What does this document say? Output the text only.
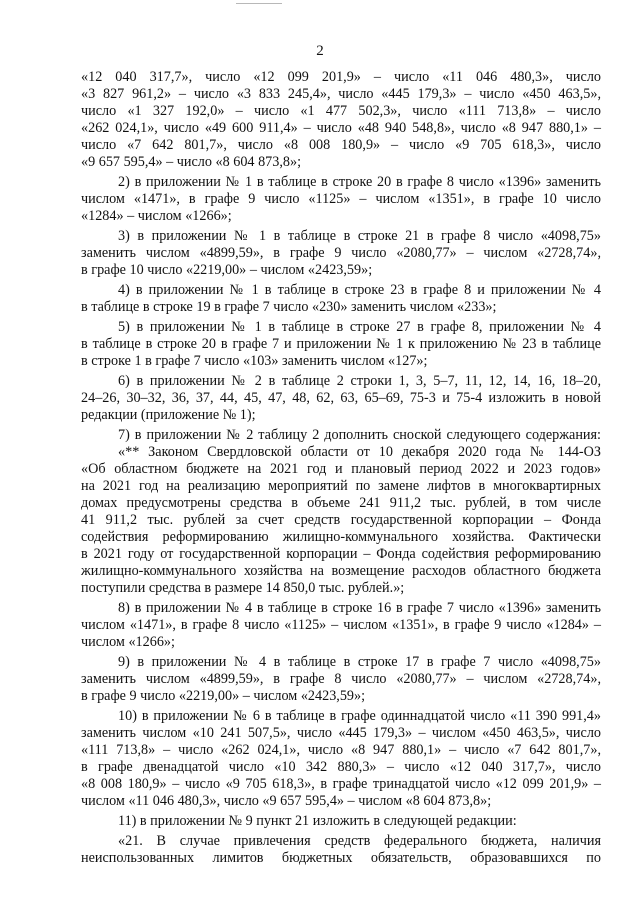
2
«12 040 317,7», число «12 099 201,9» – число «11 046 480,3», число
«3 827 961,2» – число «3 833 245,4», число «445 179,3» – число «450 463,5»,
число «1 327 192,0» – число «1 477 502,3», число «111 713,8» – число
«262 024,1», число «49 600 911,4» – число «48 940 548,8», число «8 947 880,1» –
число «7 642 801,7», число «8 008 180,9» – число «9 705 618,3», число
«9 657 595,4» – число «8 604 873,8»;
2) в приложении № 1 в таблице в строке 20 в графе 8 число «1396» заменить
числом «1471», в графе 9 число «1125» – числом «1351», в графе 10 число
«1284» – числом «1266»;
3) в приложении № 1 в таблице в строке 21 в графе 8 число «4098,75»
заменить числом «4899,59», в графе 9 число «2080,77» – числом «2728,74»,
в графе 10 число «2219,00» – числом «2423,59»;
4) в приложении № 1 в таблице в строке 23 в графе 8 и приложении № 4
в таблице в строке 19 в графе 7 число «230» заменить числом «233»;
5) в приложении № 1 в таблице в строке 27 в графе 8, приложении № 4
в таблице в строке 20 в графе 7 и приложении № 1 к приложению № 23 в таблице
в строке 1 в графе 7 число «103» заменить числом «127»;
6) в приложении № 2 в таблице 2 строки 1, 3, 5–7, 11, 12, 14, 16, 18–20,
24–26, 30–32, 36, 37, 44, 45, 47, 48, 62, 63, 65–69, 75-3 и 75-4 изложить в новой
редакции (приложение № 1);
7) в приложении № 2 таблицу 2 дополнить сноской следующего содержания:
«** Законом Свердловской области от 10 декабря 2020 года № 144-ОЗ
«Об областном бюджете на 2021 год и плановый период 2022 и 2023 годов»
на 2021 год на реализацию мероприятий по замене лифтов в многоквартирных
домах предусмотрены средства в объеме 241 911,2 тыс. рублей, в том числе
41 911,2 тыс. рублей за счет средств государственной корпорации – Фонда
содействия реформированию жилищно-коммунального хозяйства. Фактически
в 2021 году от государственной корпорации – Фонда содействия реформированию
жилищно-коммунального хозяйства на возмещение расходов областного бюджета
поступили средства в размере 14 850,0 тыс. рублей.»;
8) в приложении № 4 в таблице в строке 16 в графе 7 число «1396» заменить
числом «1471», в графе 8 число «1125» – числом «1351», в графе 9 число «1284» –
числом «1266»;
9) в приложении № 4 в таблице в строке 17 в графе 7 число «4098,75»
заменить числом «4899,59», в графе 8 число «2080,77» – числом «2728,74»,
в графе 9 число «2219,00» – числом «2423,59»;
10) в приложении № 6 в таблице в графе одиннадцатой число «11 390 991,4»
заменить числом «10 241 507,5», число «445 179,3» – числом «450 463,5», число
«111 713,8» – число «262 024,1», число «8 947 880,1» – число «7 642 801,7»,
в графе двенадцатой число «10 342 880,3» – число «12 040 317,7», число
«8 008 180,9» – число «9 705 618,3», в графе тринадцатой число «12 099 201,9» –
числом «11 046 480,3», число «9 657 595,4» – числом «8 604 873,8»;
11) в приложении № 9 пункт 21 изложить в следующей редакции:
«21. В случае привлечения средств федерального бюджета, наличия
неиспользованных лимитов бюджетных обязательств, образовавшихся по
